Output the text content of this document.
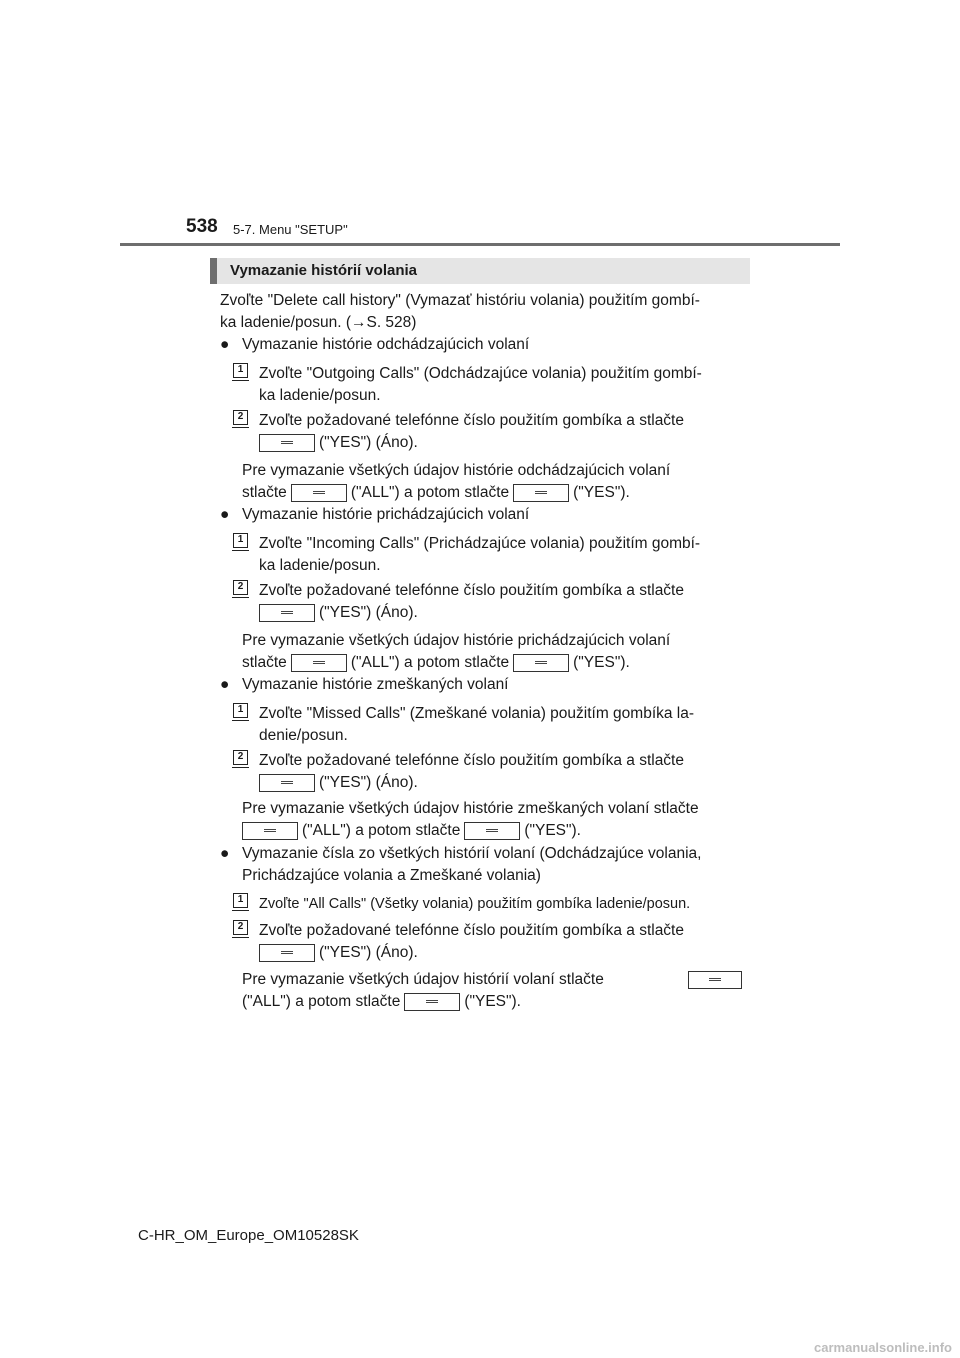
538 5-7. Menu "SETUP"
Vymazanie histórií volania
Zvoľte "Delete call history" (Vymazať históriu volania) použitím gombí-
ka ladenie/posun. (→S. 528)
● Vymazanie histórie odchádzajúcich volaní
1	Zvoľte "Outgoing Calls" (Odchádzajúce volania) použitím gombí-
ka ladenie/posun.
2	Zvoľte požadované telefónne číslo použitím gombíka a stlačte
("YES") (Áno).
Pre vymazanie všetkých údajov histórie odchádzajúcich volaní
stlačte	("ALL") a potom stlačte	("YES").
● Vymazanie histórie prichádzajúcich volaní
1	Zvoľte "Incoming Calls" (Prichádzajúce volania) použitím gombí-
ka ladenie/posun.
2	Zvoľte požadované telefónne číslo použitím gombíka a stlačte
("YES") (Áno).
Pre vymazanie všetkých údajov histórie prichádzajúcich volaní
stlačte	("ALL") a potom stlačte	("YES").
● Vymazanie histórie zmeškaných volaní
1	Zvoľte "Missed Calls" (Zmeškané volania) použitím gombíka la-
denie/posun.
2	Zvoľte požadované telefónne číslo použitím gombíka a stlačte
("YES") (Áno).
Pre vymazanie všetkých údajov histórie zmeškaných volaní stlačte
("ALL") a potom stlačte	("YES").
● Vymazanie čísla zo všetkých histórií volaní (Odchádzajúce volania,
Prichádzajúce volania a Zmeškané volania)
1	Zvoľte "All Calls" (Všetky volania) použitím gombíka ladenie/posun.
2	Zvoľte požadované telefónne číslo použitím gombíka a stlačte
("YES") (Áno).
Pre vymazanie všetkých údajov histórií volaní stlačte
("ALL") a potom stlačte	("YES").
C-HR_OM_Europe_OM10528SK
carmanualsonline.info
